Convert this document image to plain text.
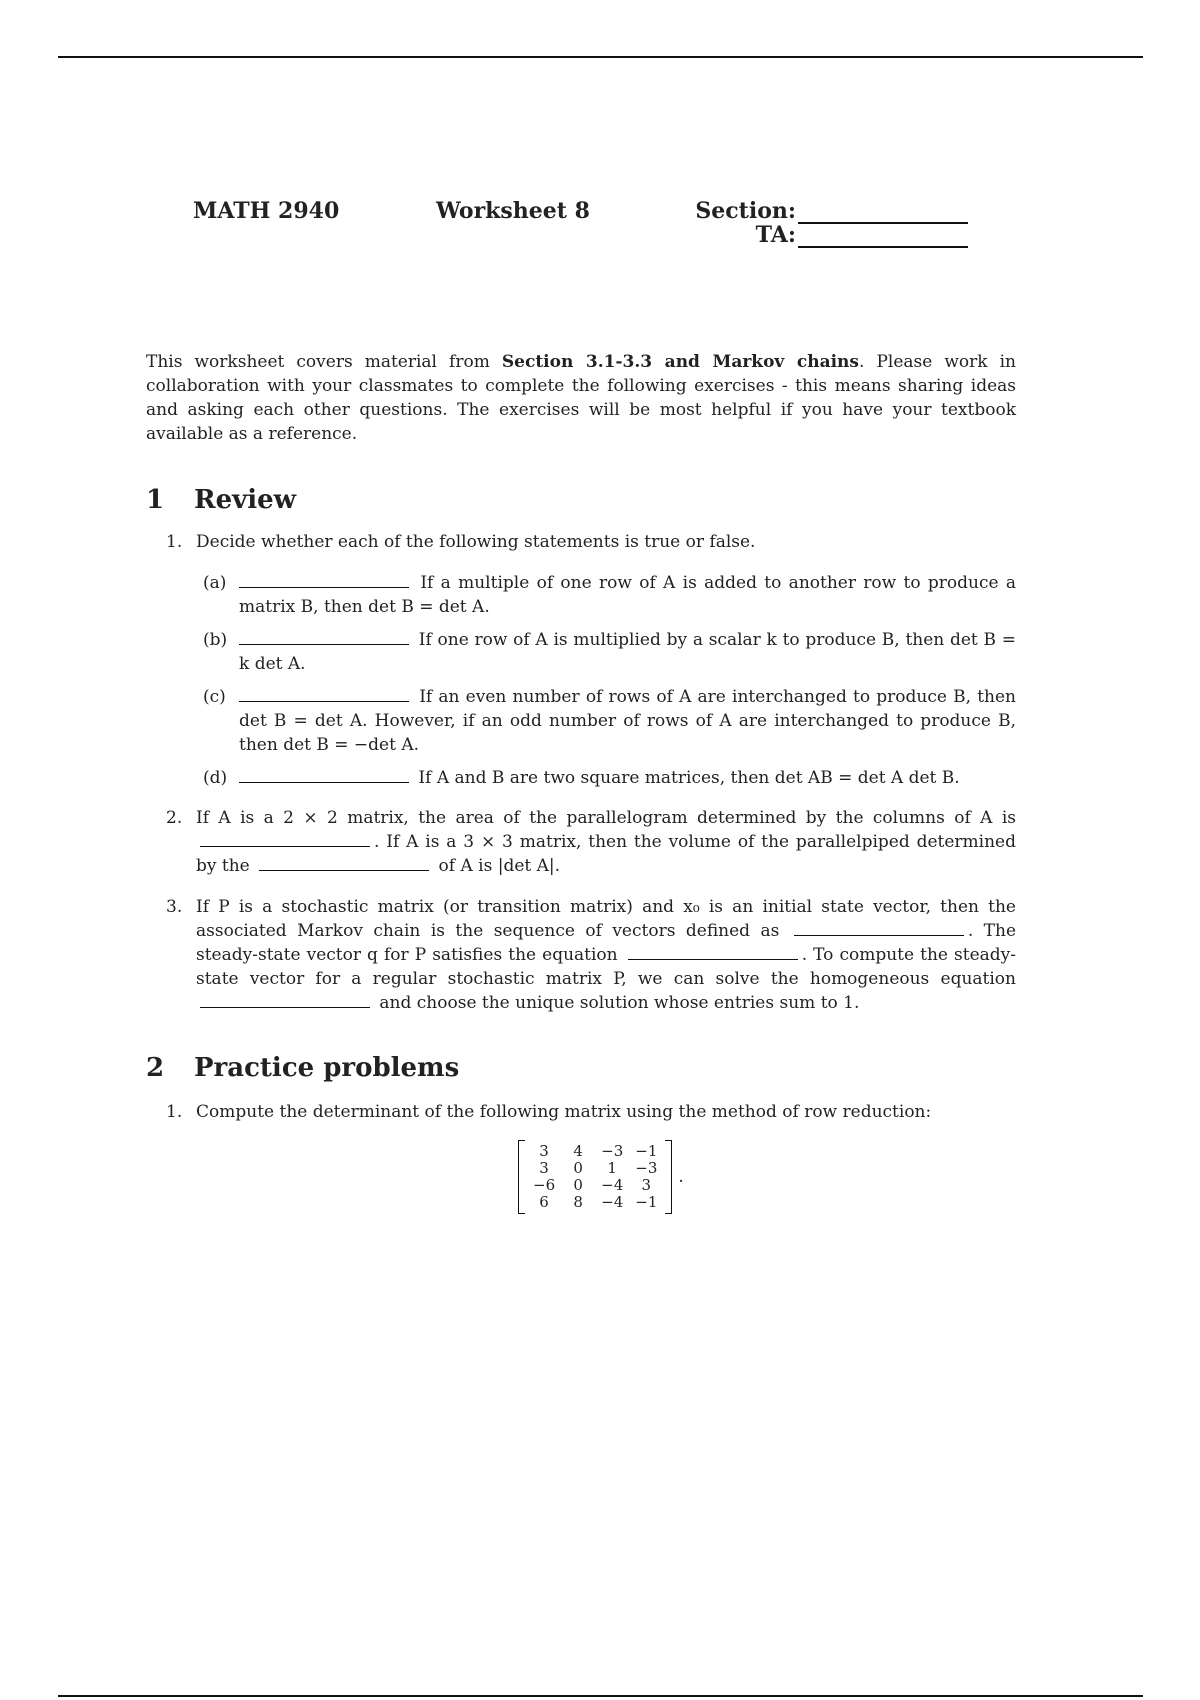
MATH 2940	Worksheet 8	Section:
TA:
This worksheet covers material from Section 3.1-3.3 and Markov chains. Please work in collaboration with your classmates to complete the following exercises - this means sharing ideas and asking each other questions. The exercises will be most helpful if you have your textbook available as a reference.
1 Review
1. Decide whether each of the following statements is true or false.
(a)	If a multiple of one row of A is added to another row to produce a matrix B, then det B = det A.
(b)	If one row of A is multiplied by a scalar k to produce B, then det B = k det A.
(c)	If an even number of rows of A are interchanged to produce B, then det B = det A. However, if an odd number of rows of A are interchanged to produce B, then det B = −det A.
(d)	If A and B are two square matrices, then det AB = det A det B.
2. If A is a 2 × 2 matrix, the area of the parallelogram determined by the columns of A is . If A is a 3 × 3 matrix, then the volume of the parallelpiped determined by the	of A is |det A|.
3. If P is a stochastic matrix (or transition matrix) and x₀ is an initial state vector, then the associated Markov chain is the sequence of vectors defined as	. The steady-state vector q for P satisfies the equation	. To compute the steady-state vector for a regular stochastic matrix P, we can solve the homogeneous equation  and choose the unique solution whose entries sum to 1.
2 Practice problems
1. Compute the determinant of the following matrix using the method of row reduction:
3	4	−3	−1
3	0	1	−3
−6	0	−4	3
6	8	−4	−1
.
